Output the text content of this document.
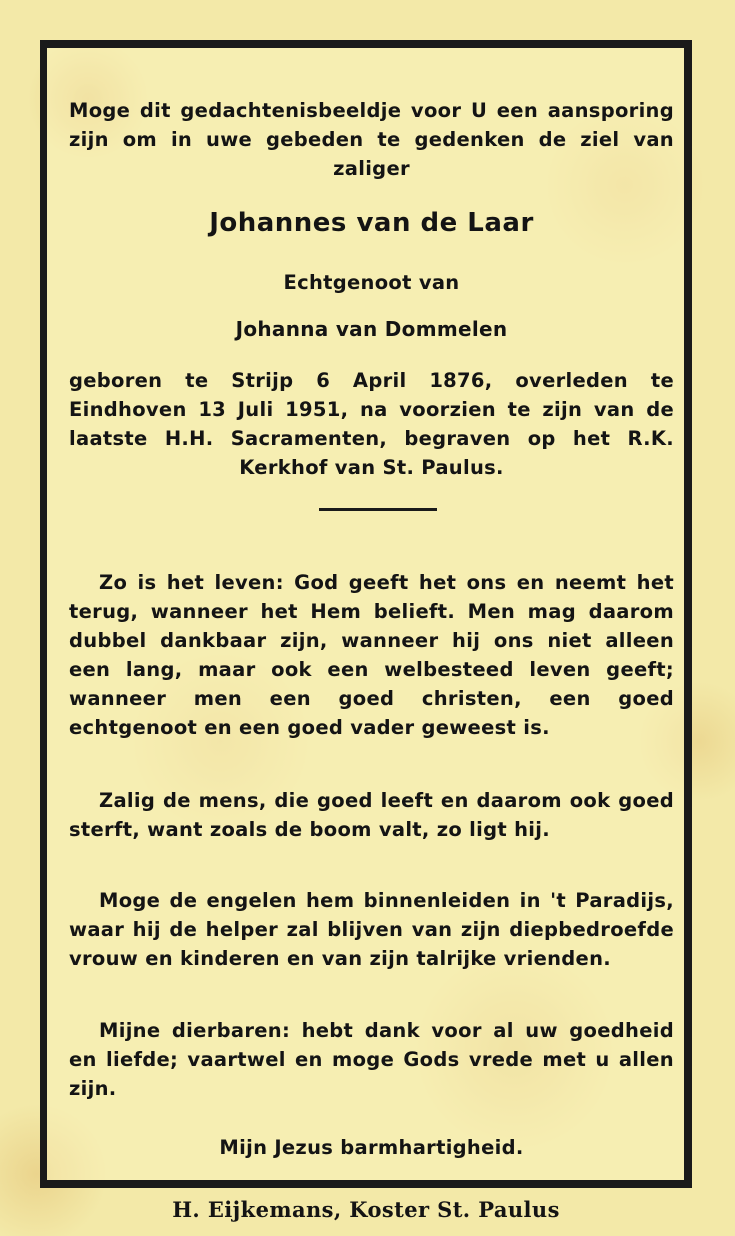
Moge dit gedachtenisbeeldje voor U een aansporing zijn om in uwe gebeden te gedenken de ziel van zaliger
Johannes van de Laar
Echtgenoot van
Johanna van Dommelen
geboren te Strijp 6 April 1876, overleden te Eindhoven 13 Juli 1951, na voorzien te zijn van de laatste H.H. Sacramenten, begraven op het R.K. Kerkhof van St. Paulus.
Zo is het leven: God geeft het ons en neemt het terug, wanneer het Hem belieft. Men mag daarom dubbel dankbaar zijn, wanneer hij ons niet alleen een lang, maar ook een welbesteed leven geeft; wanneer men een goed christen, een goed echtgenoot en een goed vader geweest is.
Zalig de mens, die goed leeft en daarom ook goed sterft, want zoals de boom valt, zo ligt hij.
Moge de engelen hem binnenleiden in 't Paradijs, waar hij de helper zal blijven van zijn diepbedroefde vrouw en kinderen en van zijn talrijke vrienden.
Mijne dierbaren: hebt dank voor al uw goedheid en liefde; vaartwel en moge Gods vrede met u allen zijn.
Mijn Jezus barmhartigheid.
H. Eijkemans, Koster St. Paulus
